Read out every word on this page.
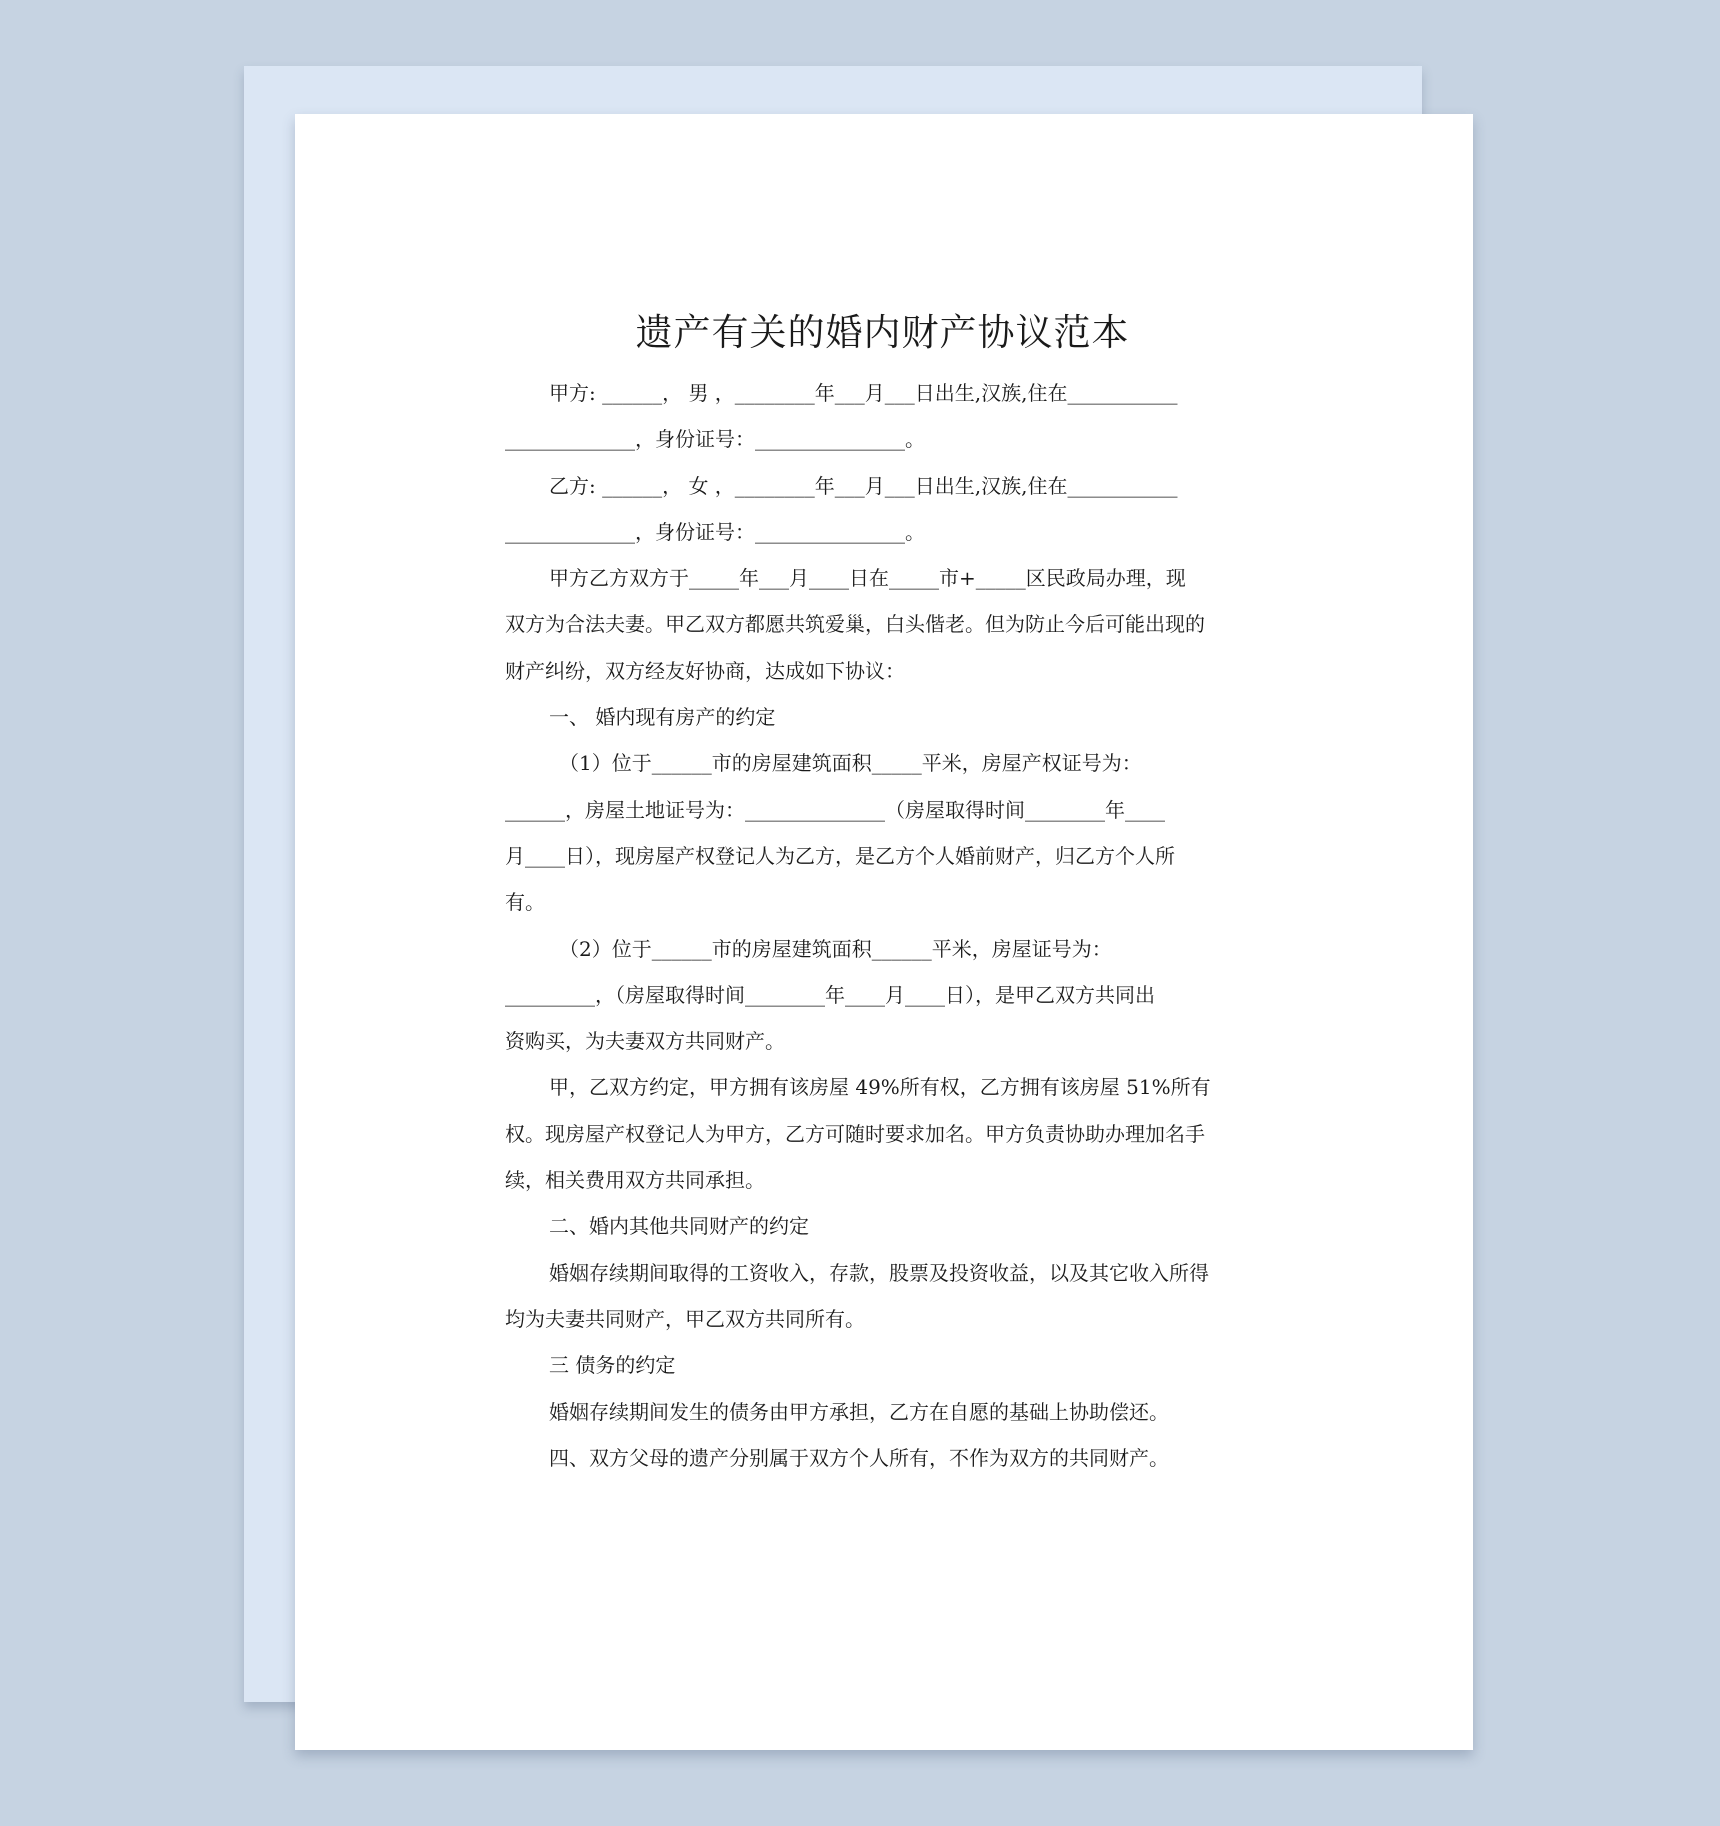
遗产有关的婚内财产协议范本
甲方: ______， 男 ，________年___月___日出生,汉族,住在___________
_____________，身份证号：_______________。
乙方: ______， 女 ，________年___月___日出生,汉族,住在___________
_____________，身份证号：_______________。
甲方乙方双方于_____年___月____日在_____市+_____区民政局办理，现
双方为合法夫妻。甲乙双方都愿共筑爱巢，白头偕老。但为防止今后可能出现的
财产纠纷，双方经友好协商，达成如下协议：
一、 婚内现有房产的约定
（1）位于______市的房屋建筑面积_____平米，房屋产权证号为：
______，房屋土地证号为：______________（房屋取得时间________年____
月____日），现房屋产权登记人为乙方，是乙方个人婚前财产，归乙方个人所
有。
（2）位于______市的房屋建筑面积______平米，房屋证号为：
_________，（房屋取得时间________年____月____日），是甲乙双方共同出
资购买，为夫妻双方共同财产。
甲，乙双方约定，甲方拥有该房屋 49%所有权，乙方拥有该房屋 51%所有
权。现房屋产权登记人为甲方，乙方可随时要求加名。甲方负责协助办理加名手
续，相关费用双方共同承担。
二、婚内其他共同财产的约定
婚姻存续期间取得的工资收入，存款，股票及投资收益，以及其它收入所得
均为夫妻共同财产，甲乙双方共同所有。
三 债务的约定
婚姻存续期间发生的债务由甲方承担，乙方在自愿的基础上协助偿还。
四、双方父母的遗产分别属于双方个人所有，不作为双方的共同财产。
